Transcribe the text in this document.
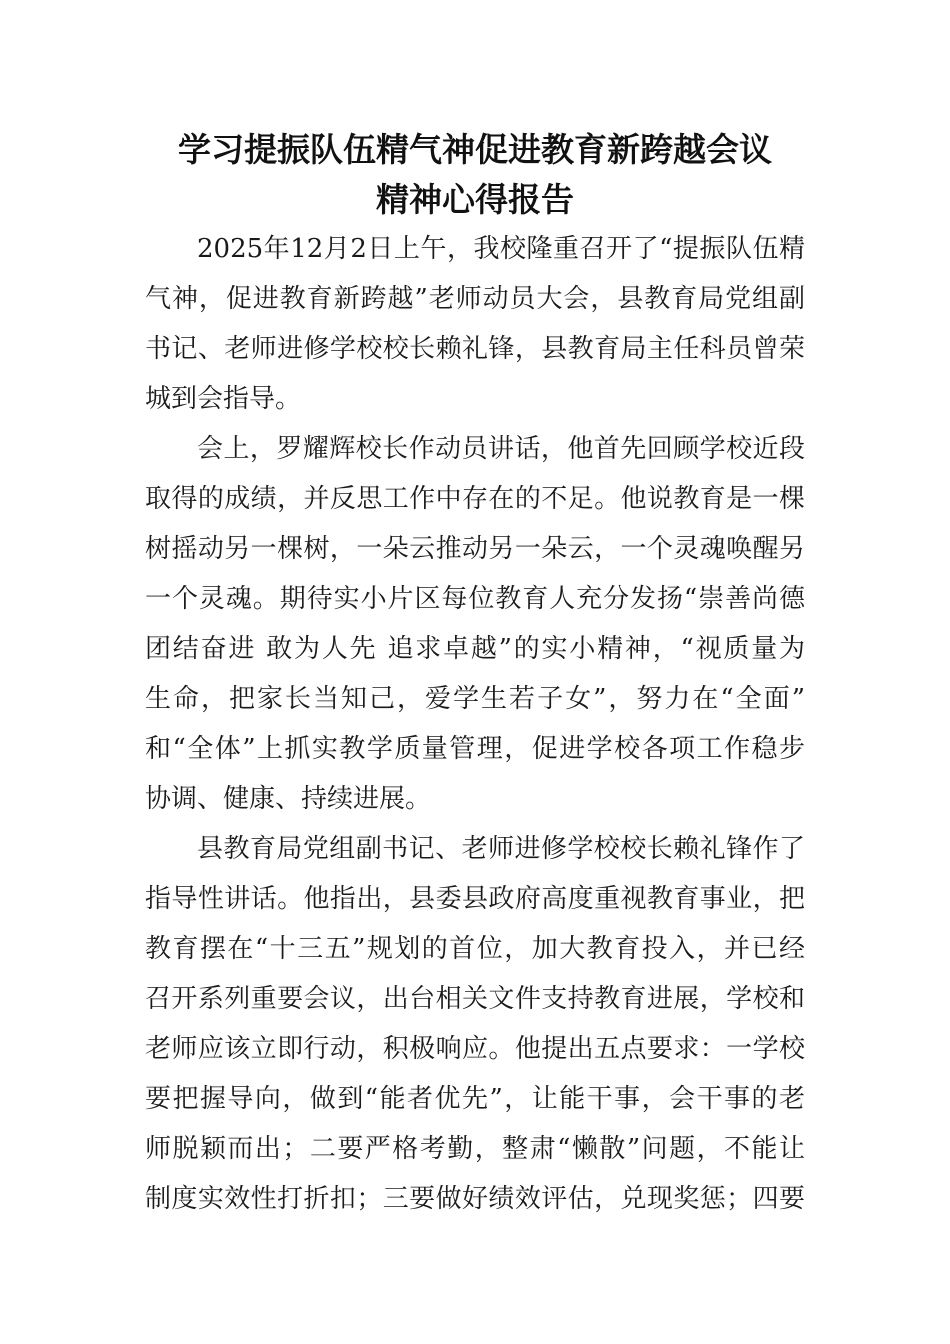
学习提振队伍精气神促进教育新跨越会议
精神心得报告
2025年12月2日上午，我校隆重召开了“提振队伍精
气神，促进教育新跨越”老师动员大会，县教育局党组副
书记、老师进修学校校长赖礼锋，县教育局主任科员曾荣
城到会指导。
会上，罗耀辉校长作动员讲话，他首先回顾学校近段
取得的成绩，并反思工作中存在的不足。他说教育是一棵
树摇动另一棵树，一朵云推动另一朵云，一个灵魂唤醒另
一个灵魂。期待实小片区每位教育人充分发扬“崇善尚德
团结奋进 敢为人先 追求卓越”的实小精神，“视质量为
生命，把家长当知己，爱学生若子女”，努力在“全面”
和“全体”上抓实教学质量管理，促进学校各项工作稳步
协调、健康、持续进展。
县教育局党组副书记、老师进修学校校长赖礼锋作了
指导性讲话。他指出，县委县政府高度重视教育事业，把
教育摆在“十三五”规划的首位，加大教育投入，并已经
召开系列重要会议，出台相关文件支持教育进展，学校和
老师应该立即行动，积极响应。他提出五点要求：一学校
要把握导向，做到“能者优先”，让能干事，会干事的老
师脱颖而出；二要严格考勤，整肃“懒散”问题，不能让
制度实效性打折扣；三要做好绩效评估，兑现奖惩；四要
